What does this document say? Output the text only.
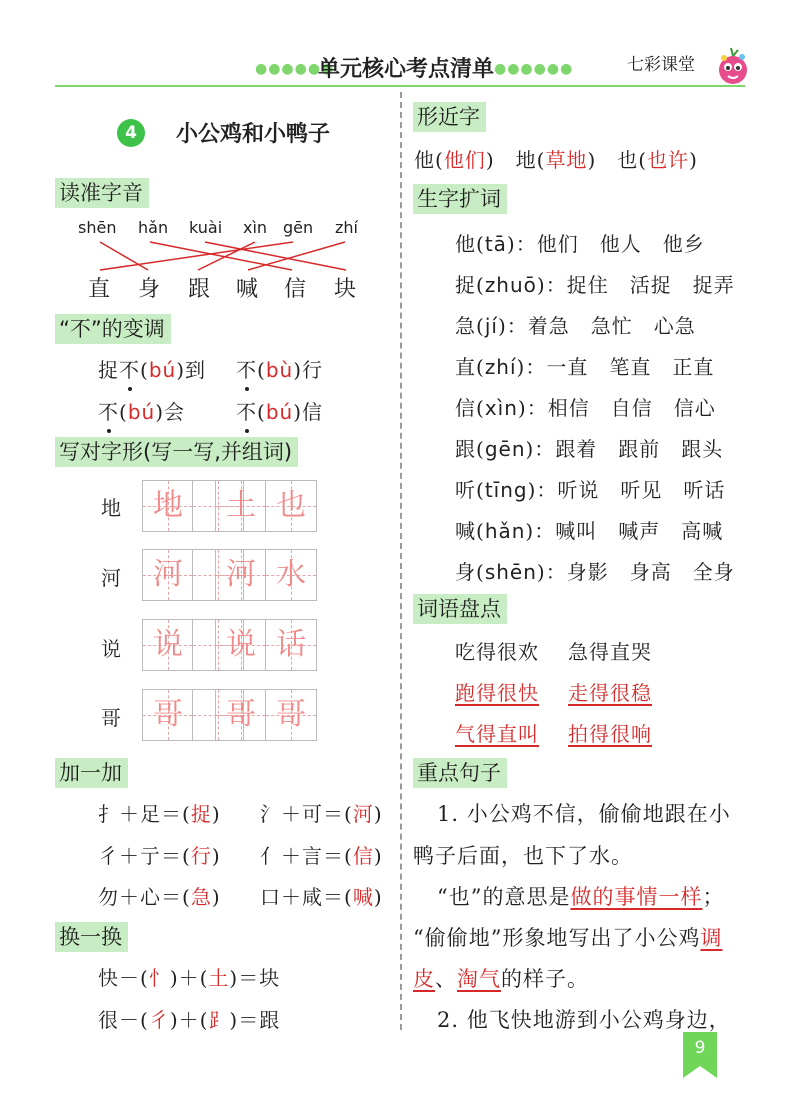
●●●●●●
单元核心考点清单 ●●●●●●	七彩课堂
4	小公鸡和小鸭子
读准字音
shēn hǎn kuài xìn gēn zhí
直 身 跟 喊 信 块
“不”的变调
捉不(bú)到 不(bù)行
不(bú)会	不(bú)信
写对字形(写一写,并组词)
地	地	土 也
河	河	河 水
说	说	说 话
哥	哥	哥 哥
加一加
扌＋足＝(捉) 氵＋可＝(河)
彳＋亍＝(行) 亻＋言＝(信)
勿＋心＝(急) 口＋咸＝(喊)
换一换
快－(忄)＋(土)＝块
很－(彳)＋(⻊)＝跟
形近字
他(他们)　地(草地)　也(也许)
生字扩词
他(tā)：他们　他人　他乡
捉(zhuō)：捉住　活捉　捉弄
急(jí)：着急　急忙　心急
直(zhí)：一直　笔直　正直
信(xìn)：相信　自信　信心
跟(gēn)：跟着　跟前　跟头
听(tīng)：听说　听见　听话
喊(hǎn)：喊叫　喊声　高喊
身(shēn)：身影　身高　全身
词语盘点
吃得很欢 急得直哭
跑得很快 走得很稳
气得直叫 拍得很响
重点句子
1. 小公鸡不信，偷偷地跟在小
鸭子后面，也下了水。
“也”的意思是做的事情一样；
“偷偷地”形象地写出了小公鸡调
皮、淘气的样子。
2. 他飞快地游到小公鸡身边，
9
